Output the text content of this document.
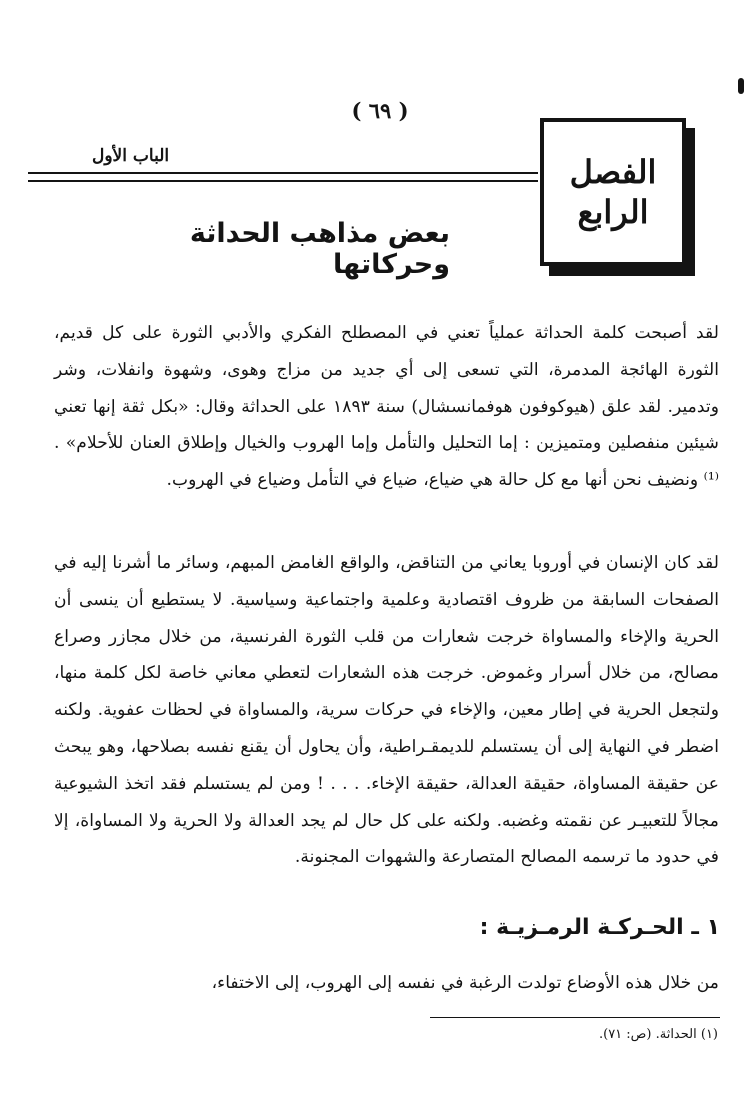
( ٦٩ )
الباب الأول	الفصل
الرابع
بعض مذاهب الحداثة وحركاتها
لقد أصبحت كلمة الحداثة عملياً تعني في المصطلح الفكري والأدبي الثورة على كل قديم، الثورة الهائجة المدمرة، التي تسعى إلى أي جديد من مزاج وهوى، وشهوة وانفلات، وشر وتدمير. لقد علق (هيوكوفون هوفمانسشال) سنة ١٨٩٣ على الحداثة وقال: «بكل ثقة إنها تعني شيئين منفصلين ومتميزين : إما التحليل والتأمل وإما الهروب والخيال وإطلاق العنان للأحلام» .⁽¹⁾ ونضيف نحن أنها مع كل حالة هي ضياع، ضياع في التأمل وضياع في الهروب.
لقد كان الإنسان في أوروبا يعاني من التناقض، والواقع الغامض المبهم، وسائر ما أشرنا إليه في الصفحات السابقة من ظروف اقتصادية وعلمية واجتماعية وسياسية. لا يستطيع أن ينسى أن الحرية والإخاء والمساواة خرجت شعارات من قلب الثورة الفرنسية، من خلال مجازر وصراع مصالح، من خلال أسرار وغموض. خرجت هذه الشعارات لتعطي معاني خاصة لكل كلمة منها، ولتجعل الحرية في إطار معين، والإخاء في حركات سرية، والمساواة في لحظات عفوية. ولكنه اضطر في النهاية إلى أن يستسلم للديمقـراطية، وأن يحاول أن يقنع نفسه بصلاحها، وهو يبحث عن حقيقة المساواة، حقيقة العدالة، حقيقة الإخاء. . . . ! ومن لم يستسلم فقد اتخذ الشيوعية مجالاً للتعبيـر عن نقمته وغضبه. ولكنه على كل حال لم يجد العدالة ولا الحرية ولا المساواة، إلا في حدود ما ترسمه المصالح المتصارعة والشهوات المجنونة.
١ ـ الحـركـة الرمـزيـة :
من خلال هذه الأوضاع تولدت الرغبة في نفسه إلى الهروب، إلى الاختفاء،
(١) الحداثة. (ص: ٧١).
